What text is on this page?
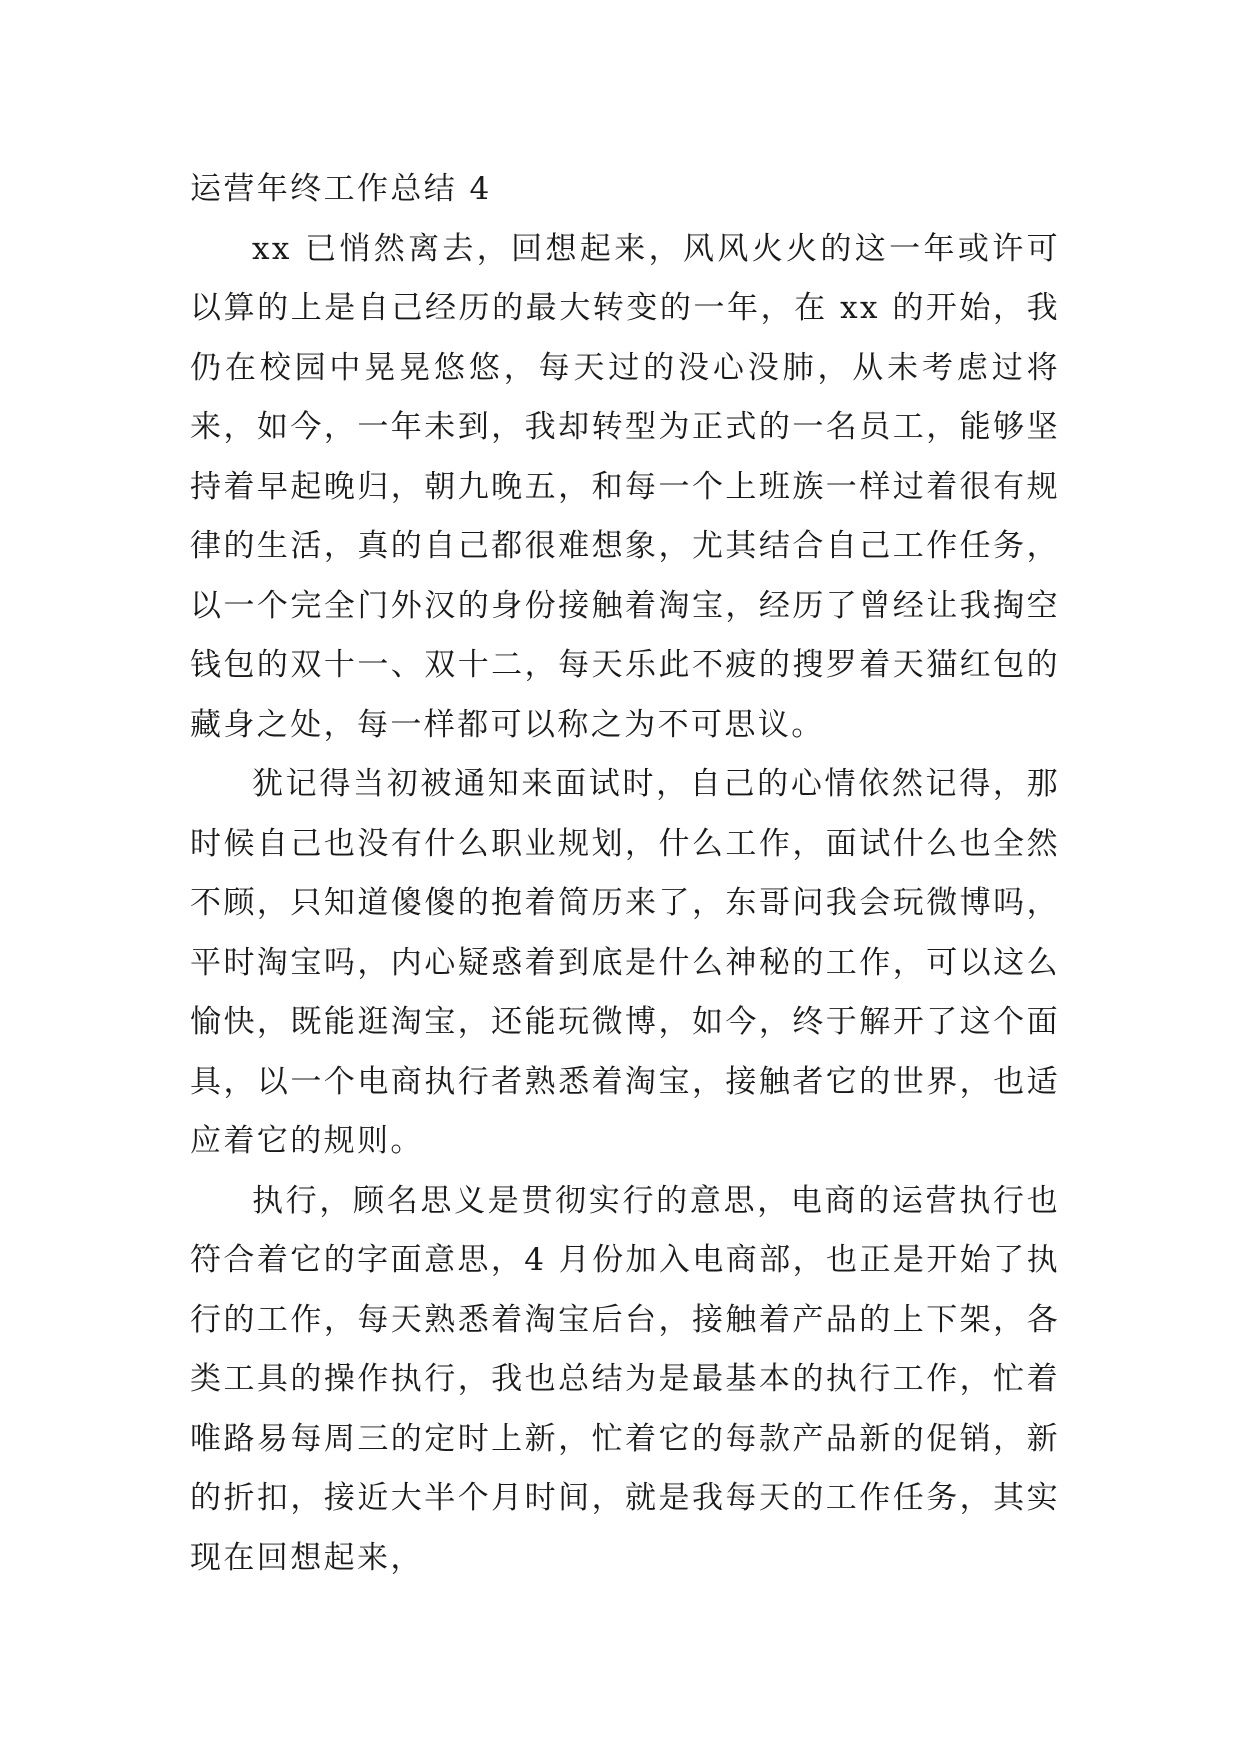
运营年终工作总结 4

xx 已悄然离去，回想起来，风风火火的这一年或许可以算的上是自己经历的最大转变的一年，在 xx 的开始，我仍在校园中晃晃悠悠，每天过的没心没肺，从未考虑过将来，如今，一年未到，我却转型为正式的一名员工，能够坚持着早起晚归，朝九晚五，和每一个上班族一样过着很有规律的生活，真的自己都很难想象，尤其结合自己工作任务，以一个完全门外汉的身份接触着淘宝，经历了曾经让我掏空钱包的双十一、双十二，每天乐此不疲的搜罗着天猫红包的藏身之处，每一样都可以称之为不可思议。

犹记得当初被通知来面试时，自己的心情依然记得，那时候自己也没有什么职业规划，什么工作，面试什么也全然不顾，只知道傻傻的抱着简历来了，东哥问我会玩微博吗，平时淘宝吗，内心疑惑着到底是什么神秘的工作，可以这么愉快，既能逛淘宝，还能玩微博，如今，终于解开了这个面具，以一个电商执行者熟悉着淘宝，接触者它的世界，也适应着它的规则。

执行，顾名思义是贯彻实行的意思，电商的运营执行也符合着它的字面意思，4 月份加入电商部，也正是开始了执行的工作，每天熟悉着淘宝后台，接触着产品的上下架，各类工具的操作执行，我也总结为是最基本的执行工作，忙着唯路易每周三的定时上新，忙着它的每款产品新的促销，新的折扣，接近大半个月时间，就是我每天的工作任务，其实现在回想起来，
